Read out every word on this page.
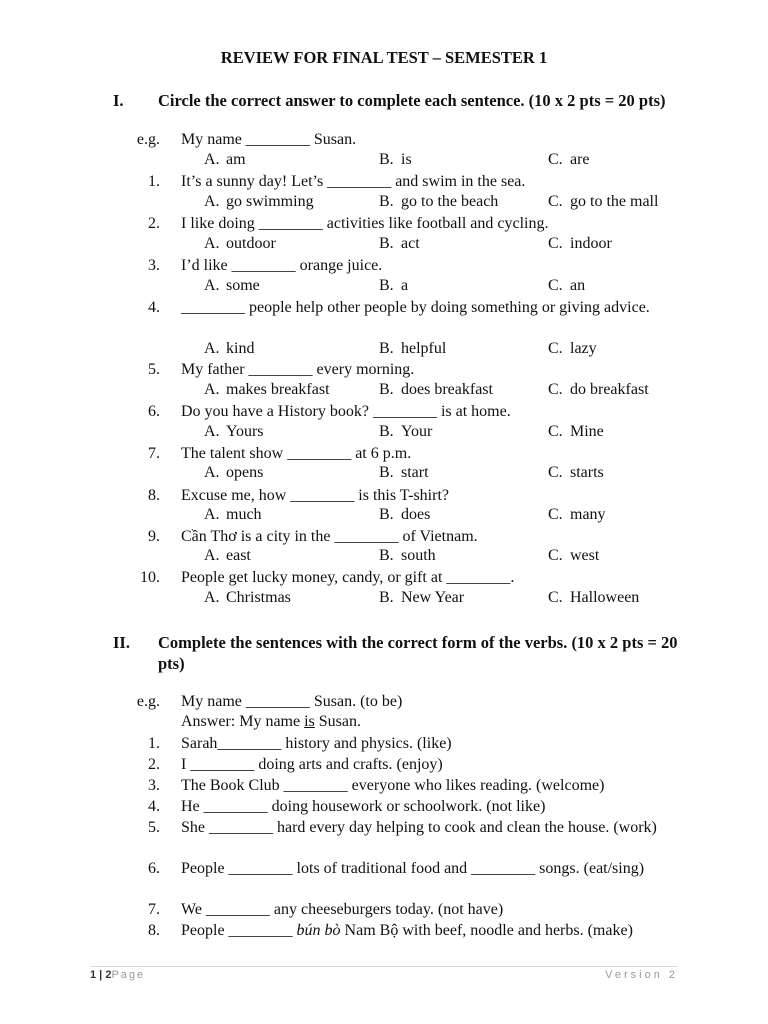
REVIEW FOR FINAL TEST – SEMESTER 1
I. Circle the correct answer to complete each sentence. (10 x 2 pts = 20 pts)
e.g. My name ________ Susan.
A. am	B. is	C. are
1. It’s a sunny day! Let’s ________ and swim in the sea.
A. go swimming	B. go to the beach	C. go to the mall
2. I like doing ________ activities like football and cycling.
A. outdoor	B. act	C. indoor
3. I’d like ________ orange juice.
A. some	B. a	C. an
4. ________ people help other people by doing something or giving advice.
A. kind	B. helpful	C. lazy
5. My father ________ every morning.
A. makes breakfast	B. does breakfast	C. do breakfast
6. Do you have a History book? ________ is at home.
A. Yours	B. Your	C. Mine
7. The talent show ________ at 6 p.m.
A. opens	B. start	C. starts
8. Excuse me, how ________ is this T-shirt?
A. much	B. does	C. many
9. Cần Thơ is a city in the ________ of Vietnam.
A. east	B. south	C. west
10. People get lucky money, candy, or gift at ________.
A. Christmas	B. New Year	C. Halloween
II. Complete the sentences with the correct form of the verbs. (10 x 2 pts = 20 pts)
e.g. My name ________ Susan. (to be)
Answer: My name is Susan.
1. Sarah________ history and physics. (like)
2. I ________ doing arts and crafts. (enjoy)
3. The Book Club ________ everyone who likes reading. (welcome)
4. He ________ doing housework or schoolwork. (not like)
5. She ________ hard every day helping to cook and clean the house. (work)
6. People ________ lots of traditional food and ________ songs. (eat/sing)
7. We ________ any cheeseburgers today. (not have)
8. People ________ bún bò Nam Bộ with beef, noodle and herbs. (make)
1 | 2Page	Version 2
